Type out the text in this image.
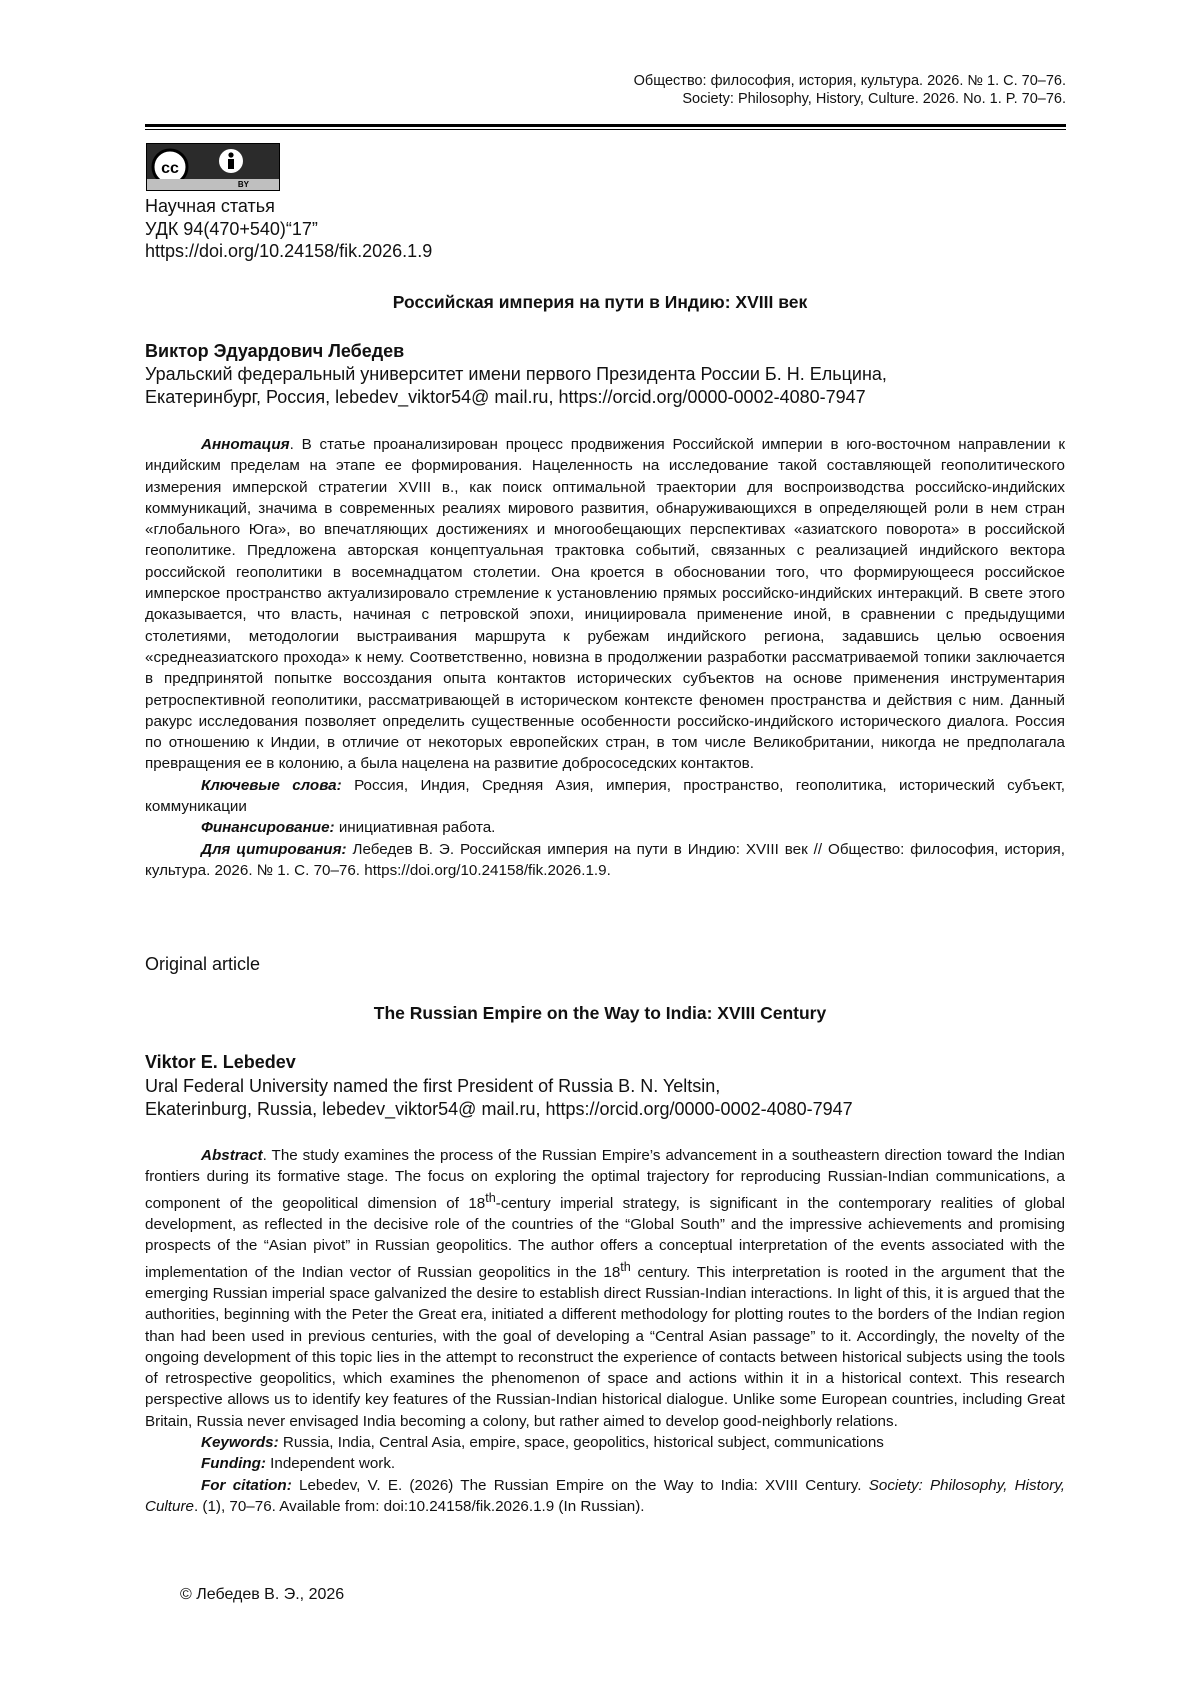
Общество: философия, история, культура. 2026. № 1. С. 70–76.
Society: Philosophy, History, Culture. 2026. No. 1. P. 70–76.
cc
BY
Научная статья
УДК 94(470+540)“17”
https://doi.org/10.24158/fik.2026.1.9
Российская империя на пути в Индию: XVIII век
Виктор Эдуардович Лебедев
Уральский федеральный университет имени первого Президента России Б. Н. Ельцина,
Екатеринбург, Россия, lebedev_viktor54@ mail.ru, https://orcid.org/0000-0002-4080-7947

Аннотация. В статье проанализирован процесс продвижения Российской империи в юго-восточном направлении к индийским пределам на этапе ее формирования. Нацеленность на исследование такой составляющей геополитического измерения имперской стратегии XVIII в., как поиск оптимальной траектории для воспроизводства российско-индийских коммуникаций, значима в современных реалиях мирового развития, обнаруживающихся в определяющей роли в нем стран «глобального Юга», во впечатляющих достижениях и многообещающих перспективах «азиатского поворота» в российской геополитике. Предложена авторская концептуальная трактовка событий, связанных с реализацией индийского вектора российской геополитики в восемнадцатом столетии. Она кроется в обосновании того, что формирующееся российское имперское пространство актуализировало стремление к установлению прямых российско-индийских интеракций. В свете этого доказывается, что власть, начиная с петровской эпохи, инициировала применение иной, в сравнении с предыдущими столетиями, методологии выстраивания маршрута к рубежам индийского региона, задавшись целью освоения «среднеазиатского прохода» к нему. Соответственно, новизна в продолжении разработки рассматриваемой топики заключается в предпринятой попытке воссоздания опыта контактов исторических субъектов на основе применения инструментария ретроспективной геополитики, рассматривающей в историческом контексте феномен пространства и действия с ним. Данный ракурс исследования позволяет определить существенные особенности российско-индийского исторического диалога. Россия по отношению к Индии, в отличие от некоторых европейских стран, в том числе Великобритании, никогда не предполагала превращения ее в колонию, а была нацелена на развитие добрососедских контактов.

Ключевые слова: Россия, Индия, Средняя Азия, империя, пространство, геополитика, исторический субъект, коммуникации

Финансирование: инициативная работа.

Для цитирования: Лебедев В. Э. Российская империя на пути в Индию: XVIII век // Общество: философия, история, культура. 2026. № 1. С. 70–76. https://doi.org/10.24158/fik.2026.1.9.

Original article
The Russian Empire on the Way to India: XVIII Century
Viktor E. Lebedev
Ural Federal University named the first President of Russia B. N. Yeltsin,
Ekaterinburg, Russia, lebedev_viktor54@ mail.ru, https://orcid.org/0000-0002-4080-7947

Abstract. The study examines the process of the Russian Empire’s advancement in a southeastern direction toward the Indian frontiers during its formative stage. The focus on exploring the optimal trajectory for reproducing Russian-Indian communications, a component of the geopolitical dimension of 18th-century imperial strategy, is significant in the contemporary realities of global development, as reflected in the decisive role of the countries of the “Global South” and the impressive achievements and promising prospects of the “Asian pivot” in Russian geopolitics. The author offers a conceptual interpretation of the events associated with the implementation of the Indian vector of Russian geopolitics in the 18th century. This interpretation is rooted in the argument that the emerging Russian imperial space galvanized the desire to establish direct Russian-Indian interactions. In light of this, it is argued that the authorities, beginning with the Peter the Great era, initiated a different methodology for plotting routes to the borders of the Indian region than had been used in previous centuries, with the goal of developing a “Central Asian passage” to it. Accordingly, the novelty of the ongoing development of this topic lies in the attempt to reconstruct the experience of contacts between historical subjects using the tools of retrospective geopolitics, which examines the phenomenon of space and actions within it in a historical context. This research perspective allows us to identify key features of the Russian-Indian historical dialogue. Unlike some European countries, including Great Britain, Russia never envisaged India becoming a colony, but rather aimed to develop good-neighborly relations.

Keywords: Russia, India, Central Asia, empire, space, geopolitics, historical subject, communications

Funding: Independent work.

For citation: Lebedev, V. E. (2026) The Russian Empire on the Way to India: XVIII Century. Society: Philosophy, History, Culture. (1), 70–76. Available from: doi:10.24158/fik.2026.1.9 (In Russian).

© Лебедев В. Э., 2026
